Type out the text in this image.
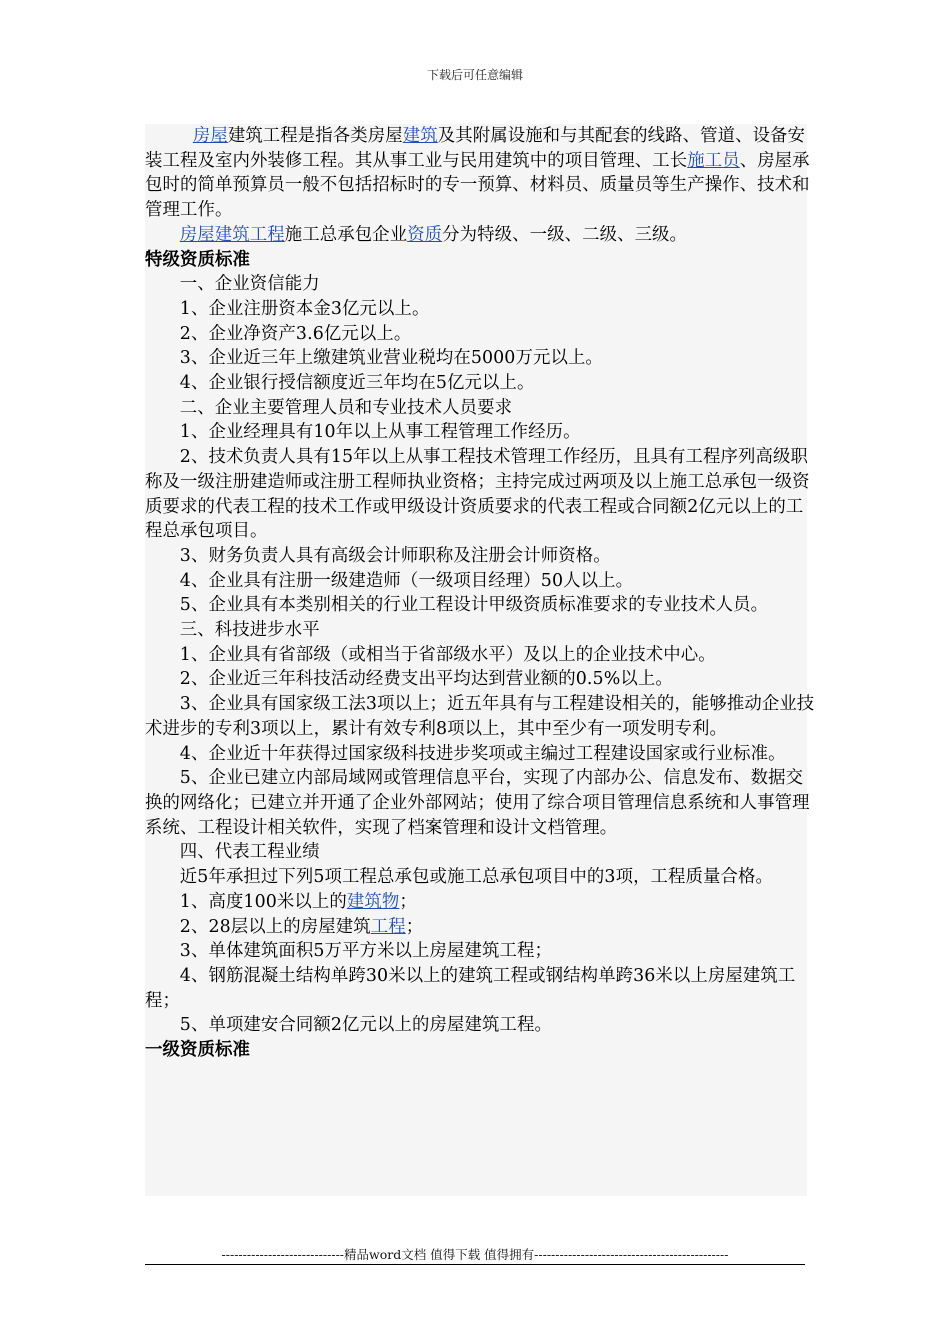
下载后可任意编辑

房屋建筑工程是指各类房屋建筑及其附属设施和与其配套的线路、管道、设备安装工程及室内外装修工程。其从事工业与民用建筑中的项目管理、工长施工员、房屋承包时的简单预算员一般不包括招标时的专一预算、材料员、质量员等生产操作、技术和管理工作。

房屋建筑工程施工总承包企业资质分为特级、一级、二级、三级。

特级资质标准

一、企业资信能力

1、企业注册资本金3亿元以上。

2、企业净资产3.6亿元以上。

3、企业近三年上缴建筑业营业税均在5000万元以上。

4、企业银行授信额度近三年均在5亿元以上。

二、企业主要管理人员和专业技术人员要求

1、企业经理具有10年以上从事工程管理工作经历。

2、技术负责人具有15年以上从事工程技术管理工作经历，且具有工程序列高级职称及一级注册建造师或注册工程师执业资格；主持完成过两项及以上施工总承包一级资质要求的代表工程的技术工作或甲级设计资质要求的代表工程或合同额2亿元以上的工程总承包项目。

3、财务负责人具有高级会计师职称及注册会计师资格。

4、企业具有注册一级建造师（一级项目经理）50人以上。

5、企业具有本类别相关的行业工程设计甲级资质标准要求的专业技术人员。

三、科技进步水平

1、企业具有省部级（或相当于省部级水平）及以上的企业技术中心。

2、企业近三年科技活动经费支出平均达到营业额的0.5%以上。

3、企业具有国家级工法3项以上；近五年具有与工程建设相关的，能够推动企业技术进步的专利3项以上，累计有效专利8项以上，其中至少有一项发明专利。

4、企业近十年获得过国家级科技进步奖项或主编过工程建设国家或行业标准。

5、企业已建立内部局域网或管理信息平台，实现了内部办公、信息发布、数据交换的网络化；已建立并开通了企业外部网站；使用了综合项目管理信息系统和人事管理系统、工程设计相关软件，实现了档案管理和设计文档管理。

四、代表工程业绩

近5年承担过下列5项工程总承包或施工总承包项目中的3项，工程质量合格。

1、高度100米以上的建筑物；

2、28层以上的房屋建筑工程；

3、单体建筑面积5万平方米以上房屋建筑工程；

4、钢筋混凝土结构单跨30米以上的建筑工程或钢结构单跨36米以上房屋建筑工程；

5、单项建安合同额2亿元以上的房屋建筑工程。

一级资质标准

-----------------------------精品word文档 值得下载 值得拥有----------------------------------------------
